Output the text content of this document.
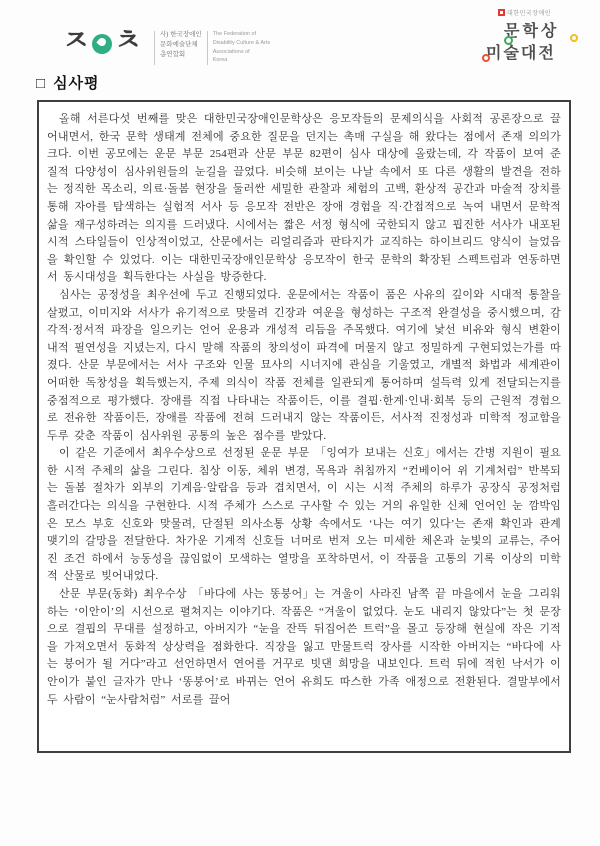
ㅈ ㅊ	사) 한국장애인
문화예술단체
총연합회
The Federation of
Disability Culture & Arts
Associations of
Korea
대한민국장애인
문학상
미술대전
□ 심사평

올해 서른다섯 번째를 맞은 대한민국장애인문학상은 응모작들의 문제의식을 사회적 공론장으로 끌어내면서, 한국 문학 생태계 전체에 중요한 질문을 던지는 촉매 구실을 해 왔다는 점에서 존재 의의가 크다. 이번 공모에는 운문 부문 254편과 산문 부문 82편이 심사 대상에 올랐는데, 각 작품이 보여 준 질적 다양성이 심사위원들의 눈길을 끌었다. 비슷해 보이는 나날 속에서 또 다른 생활의 발견을 전하는 정직한 목소리, 의료·돌봄 현장을 둘러싼 세밀한 관찰과 체험의 고백, 환상적 공간과 마술적 장치를 통해 자아를 탐색하는 실험적 서사 등 응모작 전반은 장애 경험을 직·간접적으로 녹여 내면서 문학적 삶을 재구성하려는 의지를 드러냈다. 시에서는 짧은 서정 형식에 국한되지 않고 핍진한 서사가 내포된 시적 스타일들이 인상적이었고, 산문에서는 리얼리즘과 판타지가 교직하는 하이브리드 양식이 늘었음을 확인할 수 있었다. 이는 대한민국장애인문학상 응모작이 한국 문학의 확장된 스펙트럼과 연동하면서 동시대성을 획득한다는 사실을 방증한다.

심사는 공정성을 최우선에 두고 진행되었다. 운문에서는 작품이 품은 사유의 깊이와 시대적 통찰을 살폈고, 이미지와 서사가 유기적으로 맞물려 긴장과 여운을 형성하는 구조적 완결성을 중시했으며, 감각적·정서적 파장을 일으키는 언어 운용과 개성적 리듬을 주목했다. 여기에 낯선 비유와 형식 변환이 내적 필연성을 지녔는지, 다시 말해 작품의 창의성이 파격에 머물지 않고 정밀하게 구현되었는가를 따졌다. 산문 부문에서는 서사 구조와 인물 묘사의 시너지에 관심을 기울였고, 개별적 화법과 세계관이 어떠한 독창성을 획득했는지, 주제 의식이 작품 전체를 일관되게 통어하며 설득력 있게 전달되는지를 중점적으로 평가했다. 장애를 직접 나타내는 작품이든, 이를 결핍·한계·인내·회복 등의 근원적 경험으로 전유한 작품이든, 장애를 작품에 전혀 드러내지 않는 작품이든, 서사적 진정성과 미학적 정교함을 두루 갖춘 작품이 심사위원 공통의 높은 점수를 받았다.

이 같은 기준에서 최우수상으로 선정된 운문 부문 「잉여가 보내는 신호」에서는 간병 지원이 필요한 시적 주체의 삶을 그린다. 침상 이동, 체위 변경, 목욕과 취침까지 “컨베이어 위 기계처럼” 반복되는 돌봄 절차가 외부의 기계음·알람음 등과 겹치면서, 이 시는 시적 주체의 하루가 공장식 공정처럼 흘러간다는 의식을 구현한다. 시적 주체가 스스로 구사할 수 있는 거의 유일한 신체 언어인 눈 깜박임은 모스 부호 신호와 맞물려, 단절된 의사소통 상황 속에서도 ‘나는 여기 있다’는 존재 확인과 관계 맺기의 갈망을 전달한다. 차가운 기계적 신호들 너머로 번져 오는 미세한 체온과 눈빛의 교류는, 주어진 조건 하에서 능동성을 끊임없이 모색하는 열망을 포착하면서, 이 작품을 고통의 기록 이상의 미학적 산물로 빚어내었다.

산문 부문(동화) 최우수상 「바다에 사는 똥붕어」는 겨울이 사라진 남쪽 끝 마을에서 눈을 그리워하는 ‘이안이’의 시선으로 펼쳐지는 이야기다. 작품은 “겨울이 없었다. 눈도 내리지 않았다”는 첫 문장으로 결핍의 무대를 설정하고, 아버지가 “눈을 잔뜩 뒤집어쓴 트럭”을 몰고 등장해 현실에 작은 기적을 가져오면서 동화적 상상력을 점화한다. 직장을 잃고 만물트럭 장사를 시작한 아버지는 “바다에 사는 붕어가 될 거다”라고 선언하면서 연어를 거꾸로 빗댄 희망을 내보인다. 트럭 뒤에 적힌 낙서가 이안이가 붙인 글자가 만나 ‘똥붕어’로 바뀌는 언어 유희도 따스한 가족 애정으로 전환된다. 결말부에서 두 사람이 “눈사람처럼” 서로를 끌어
